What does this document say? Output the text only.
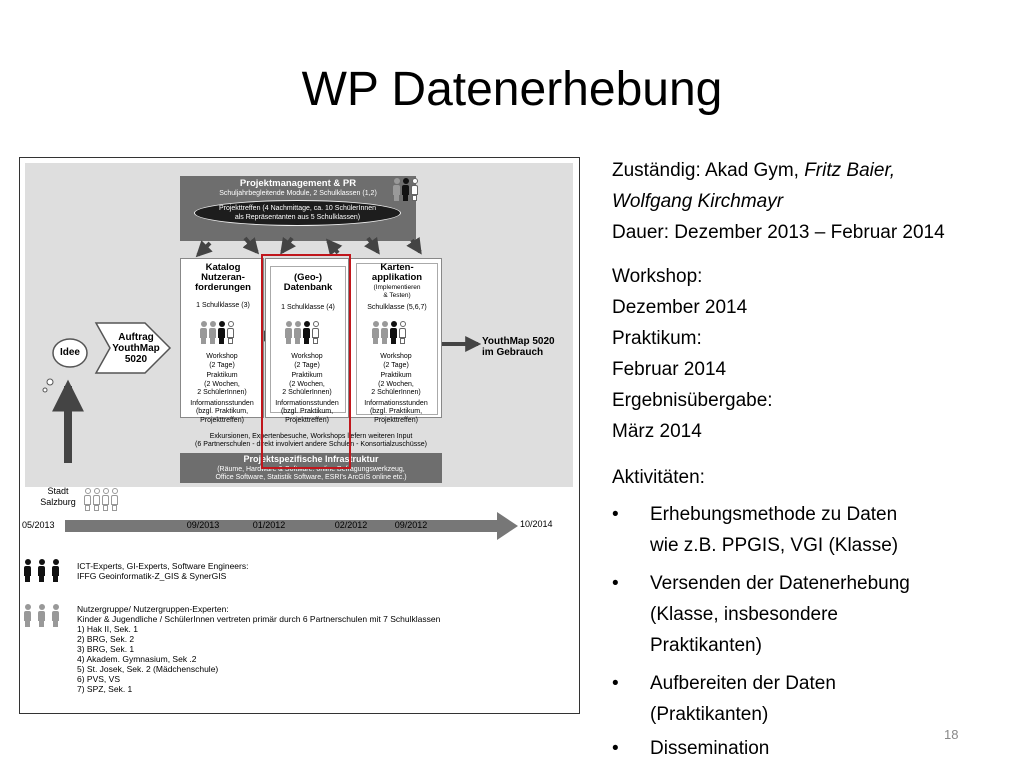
WP Datenerhebung
Projektmanagement & PR
Schuljahrbegleitende Module, 2 Schulklassen (1,2)
Projekttreffen (4 Nachmittage, ca. 10 SchülerInnen
als Repräsentanten aus 5 Schulklassen)
Katalog
Nutzeran-
forderungen
1 Schulklasse (3)
(Geo-)
Datenbank
1 Schulklasse (4)
Karten-
applikation
(Implementieren
& Testen)
Schulklasse (5,6,7)
Workshop
(2 Tage)
Praktikum
(2 Wochen,
2 SchülerInnen)
Informationsstunden
(bzgl. Praktikum,
Projekttreffen)
Workshop
(2 Tage)
Praktikum
(2 Wochen,
2 SchülerInnen)
Informationsstunden
(bzgl. Praktikum,
Projekttreffen)
Workshop
(2 Tage)
Praktikum
(2 Wochen,
2 SchülerInnen)
Informationsstunden
(bzgl. Praktikum,
Projekttreffen)
Exkursionen, Expertenbesuche, Workshops liefern weiteren Input
(6 Partnerschulen - direkt involviert andere Schulen - Konsortialzuschüsse)
Projektspezifische Infrastruktur
(Räume, Hardware & Software: online Befragungswerkzeug,
Office Software, Statistik Software, ESRI's ArcGIS online etc.)
Auftrag
YouthMap
5020
Idee
YouthMap 5020
im Gebrauch
Stadt
Salzburg
05/2013	09/2013	01/2012	02/2012	09/2012	10/2014
ICT-Experts, GI-Experts, Software Engineers:
IFFG Geoinformatik-Z_GIS & SynerGIS
Nutzergruppe/ Nutzergruppen-Experten:
Kinder & Jugendliche / SchülerInnen vertreten primär durch 6 Partnerschulen mit 7 Schulklassen
1) Hak II, Sek. 1
2) BRG, Sek. 2
3) BRG, Sek. 1
4) Akadem. Gymnasium, Sek .2
5) St. Josek, Sek. 2 (Mädchenschule)
6) PVS, VS
7) SPZ, Sek. 1
Zuständig: Akad Gym, Fritz Baier,
Wolfgang Kirchmayr
Dauer: Dezember 2013 – Februar 2014
Workshop:
Dezember 2014
Praktikum:
Februar 2014
Ergebnisübergabe:
März 2014
Aktivitäten:
• Erhebungsmethode zu Daten
wie z.B. PPGIS, VGI (Klasse)
• Versenden der Datenerhebung
(Klasse, insbesondere
Praktikanten)
• Aufbereiten der Daten
(Praktikanten)
• Dissemination
18
